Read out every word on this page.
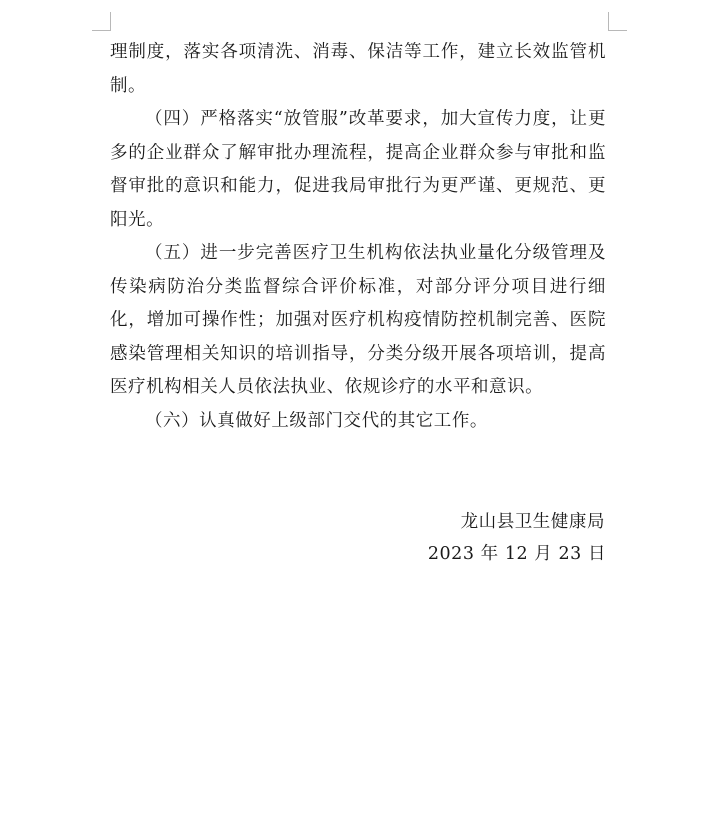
理制度，落实各项清洗、消毒、保洁等工作，建立长效监管机制。

（四）严格落实“放管服”改革要求，加大宣传力度，让更多的企业群众了解审批办理流程，提高企业群众参与审批和监督审批的意识和能力，促进我局审批行为更严谨、更规范、更阳光。

（五）进一步完善医疗卫生机构依法执业量化分级管理及传染病防治分类监督综合评价标准，对部分评分项目进行细化，增加可操作性；加强对医疗机构疫情防控机制完善、医院感染管理相关知识的培训指导，分类分级开展各项培训，提高医疗机构相关人员依法执业、依规诊疗的水平和意识。

（六）认真做好上级部门交代的其它工作。

龙山县卫生健康局
2023 年 12 月 23 日
